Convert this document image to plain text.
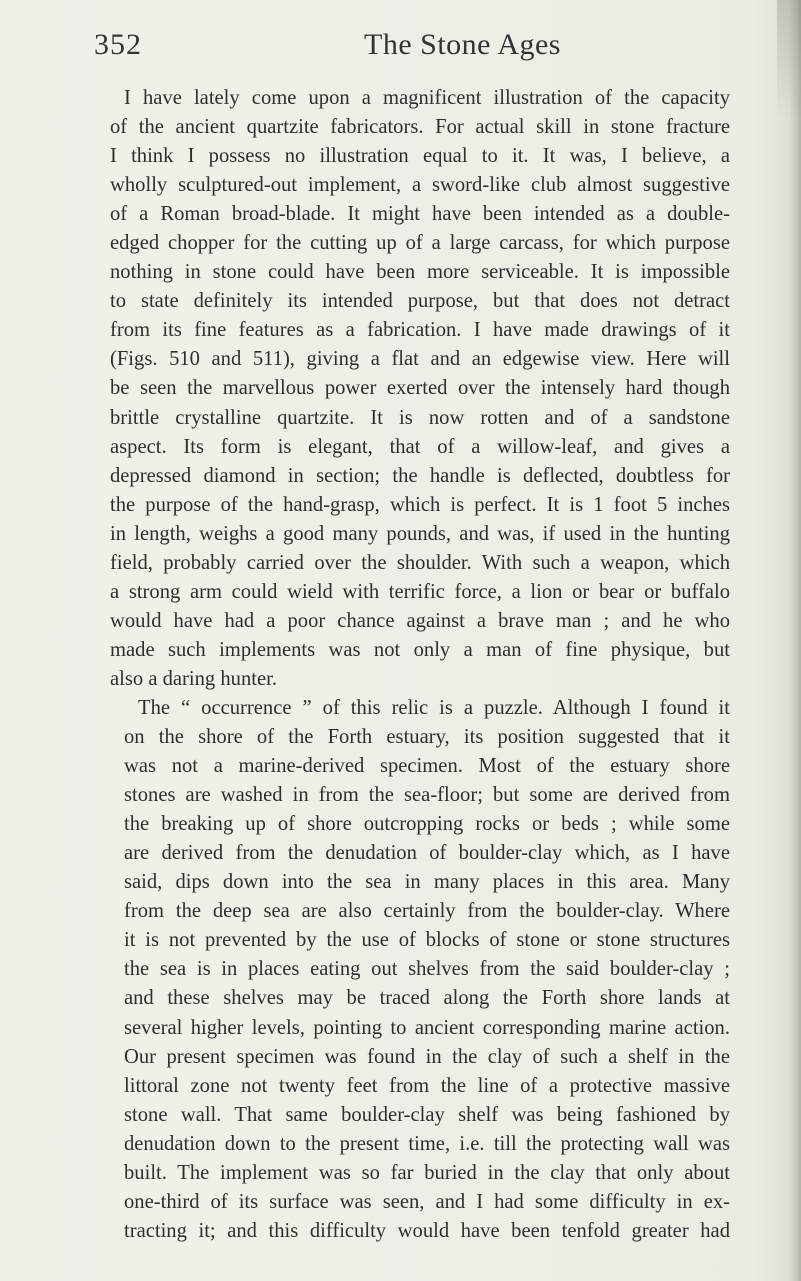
352	The Stone Ages

I have lately come upon a magnificent illustration of the capacity
of the ancient quartzite fabricators. For actual skill in stone fracture
I think I possess no illustration equal to it. It was, I believe, a
wholly sculptured-out implement, a sword-like club almost suggestive
of a Roman broad-blade. It might have been intended as a double-
edged chopper for the cutting up of a large carcass, for which purpose
nothing in stone could have been more serviceable. It is impossible
to state definitely its intended purpose, but that does not detract
from its fine features as a fabrication. I have made drawings of it
(Figs. 510 and 511), giving a flat and an edgewise view. Here will
be seen the marvellous power exerted over the intensely hard though
brittle crystalline quartzite. It is now rotten and of a sandstone
aspect. Its form is elegant, that of a willow-leaf, and gives a
depressed diamond in section; the handle is deflected, doubtless for
the purpose of the hand-grasp, which is perfect. It is 1 foot 5 inches
in length, weighs a good many pounds, and was, if used in the hunting
field, probably carried over the shoulder. With such a weapon, which
a strong arm could wield with terrific force, a lion or bear or buffalo
would have had a poor chance against a brave man ; and he who
made such implements was not only a man of fine physique, but
also a daring hunter.

The “ occurrence ” of this relic is a puzzle. Although I found it
on the shore of the Forth estuary, its position suggested that it
was not a marine-derived specimen. Most of the estuary shore
stones are washed in from the sea-floor; but some are derived from
the breaking up of shore outcropping rocks or beds ; while some
are derived from the denudation of boulder-clay which, as I have
said, dips down into the sea in many places in this area. Many
from the deep sea are also certainly from the boulder-clay. Where
it is not prevented by the use of blocks of stone or stone structures
the sea is in places eating out shelves from the said boulder-clay ;
and these shelves may be traced along the Forth shore lands at
several higher levels, pointing to ancient corresponding marine action.
Our present specimen was found in the clay of such a shelf in the
littoral zone not twenty feet from the line of a protective massive
stone wall. That same boulder-clay shelf was being fashioned by
denudation down to the present time, i.e. till the protecting wall was
built. The implement was so far buried in the clay that only about
one-third of its surface was seen, and I had some difficulty in ex-
tracting it; and this difficulty would have been tenfold greater had
